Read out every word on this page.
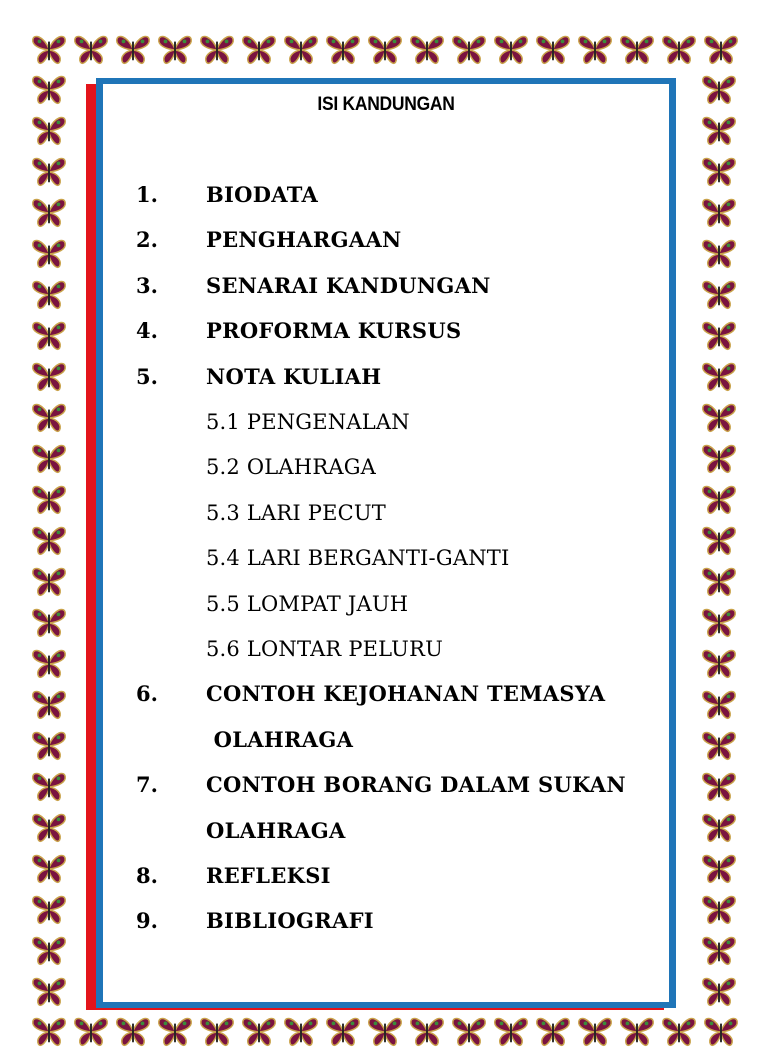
ISI KANDUNGAN
1. BIODATA
2. PENGHARGAAN
3. SENARAI KANDUNGAN
4. PROFORMA KURSUS
5. NOTA KULIAH
5.1 PENGENALAN
5.2 OLAHRAGA
5.3 LARI PECUT
5.4 LARI BERGANTI-GANTI
5.5 LOMPAT JAUH
5.6 LONTAR PELURU
6. CONTOH KEJOHANAN TEMASYA
OLAHRAGA
7. CONTOH BORANG DALAM SUKAN
OLAHRAGA
8. REFLEKSI
9. BIBLIOGRAFI
